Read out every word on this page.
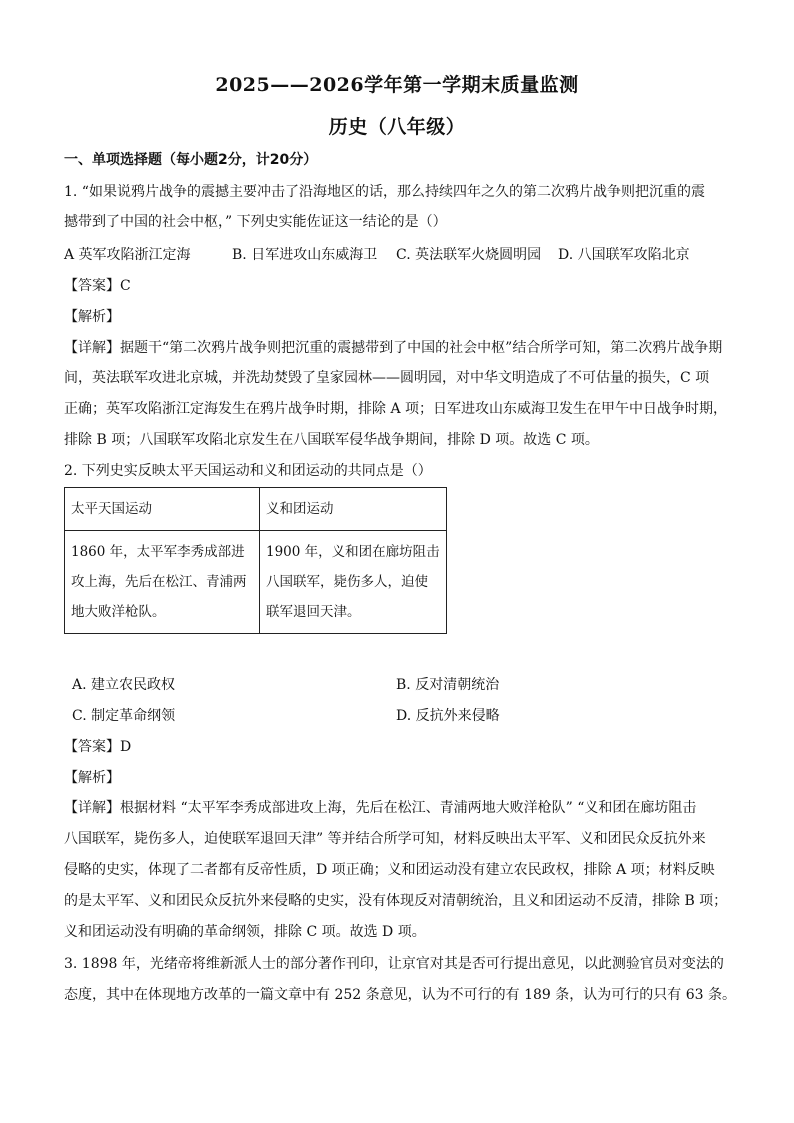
2025——2026学年第一学期末质量监测
历史（八年级）
一、单项选择题（每小题2分，计20分）
1. “如果说鸦片战争的震撼主要冲击了沿海地区的话，那么持续四年之久的第二次鸦片战争则把沉重的震
撼带到了中国的社会中枢，” 下列史实能佐证这一结论的是（）
A 英军攻陷浙江定海	B. 日军进攻山东威海卫 C. 英法联军火烧圆明园 D. 八国联军攻陷北京
【答案】C
【解析】
【详解】据题干“第二次鸦片战争则把沉重的震撼带到了中国的社会中枢”结合所学可知，第二次鸦片战争期
间，英法联军攻进北京城，并洗劫焚毁了皇家园林——圆明园，对中华文明造成了不可估量的损失，C 项
正确；英军攻陷浙江定海发生在鸦片战争时期，排除 A 项；日军进攻山东威海卫发生在甲午中日战争时期，
排除 B 项；八国联军攻陷北京发生在八国联军侵华战争期间，排除 D 项。故选 C 项。
2. 下列史实反映太平天国运动和义和团运动的共同点是（）
太平天国运动	义和团运动

1860 年，太平军李秀成部进
攻上海，先后在松江、青浦两
地大败洋枪队。	1900 年，义和团在廊坊阻击
八国联军，毙伤多人，迫使
联军退回天津。
A. 建立农民政权	B. 反对清朝统治
C. 制定革命纲领	D. 反抗外来侵略
【答案】D
【解析】
【详解】根据材料 “太平军李秀成部进攻上海，先后在松江、青浦两地大败洋枪队” “义和团在廊坊阻击
八国联军，毙伤多人，迫使联军退回天津” 等并结合所学可知，材料反映出太平军、义和团民众反抗外来
侵略的史实，体现了二者都有反帝性质，D 项正确；义和团运动没有建立农民政权，排除 A 项；材料反映
的是太平军、义和团民众反抗外来侵略的史实，没有体现反对清朝统治，且义和团运动不反清，排除 B 项；
义和团运动没有明确的革命纲领，排除 C 项。故选 D 项。
3. 1898 年，光绪帝将维新派人士的部分著作刊印，让京官对其是否可行提出意见，以此测验官员对变法的
态度，其中在体现地方改革的一篇文章中有 252 条意见，认为不可行的有 189 条，认为可行的只有 63 条。
